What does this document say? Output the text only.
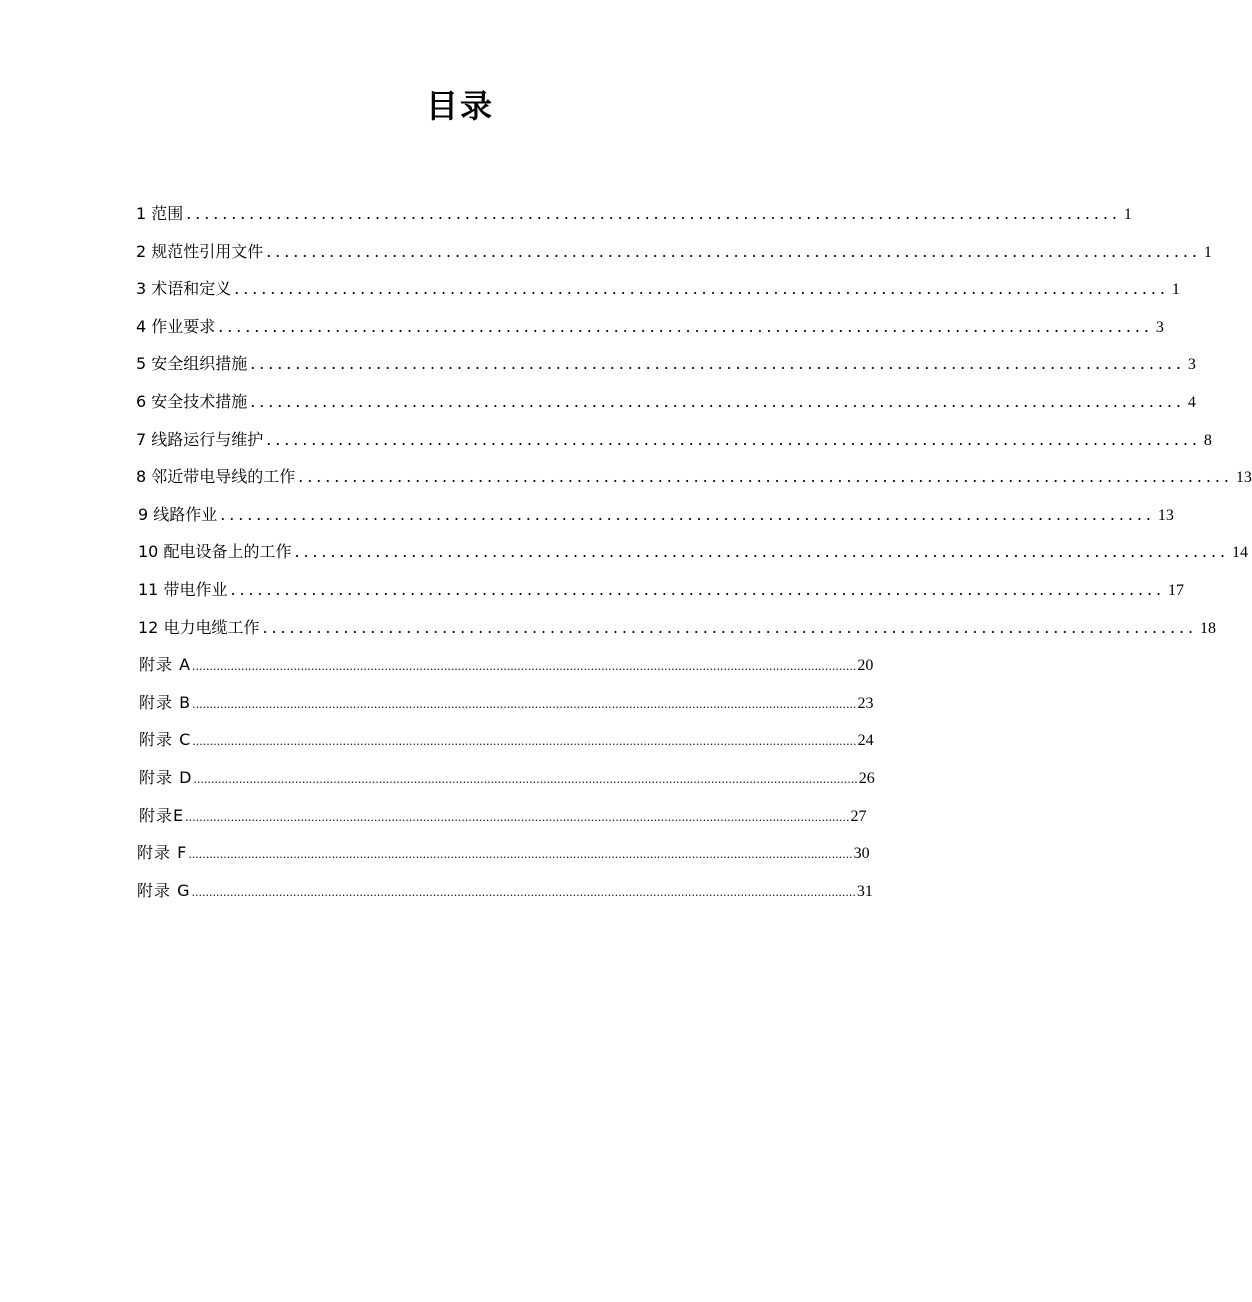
目录
1 范围 ........................................................................................................ 1
2 规范性引用文件 ........................................................................................................ 1
3 术语和定义 ........................................................................................................ 1
4 作业要求 ........................................................................................................ 3
5 安全组织措施 ........................................................................................................ 3
6 安全技术措施 ........................................................................................................ 4
7 线路运行与维护 ........................................................................................................ 8
8 邻近带电导线的工作 ........................................................................................................ 13
9 线路作业 ........................................................................................................ 13
10 配电设备上的工作 ........................................................................................................ 14
11 带电作业 ........................................................................................................ 17
12 电力电缆工作 ........................................................................................................ 18
附录 A .............................................................................................................................................................................................. 20
附录 B .............................................................................................................................................................................................. 23
附录 C .............................................................................................................................................................................................. 24
附录 D .............................................................................................................................................................................................. 26
附录E .............................................................................................................................................................................................. 27
附录 F .............................................................................................................................................................................................. 30
附录 G .............................................................................................................................................................................................. 31
